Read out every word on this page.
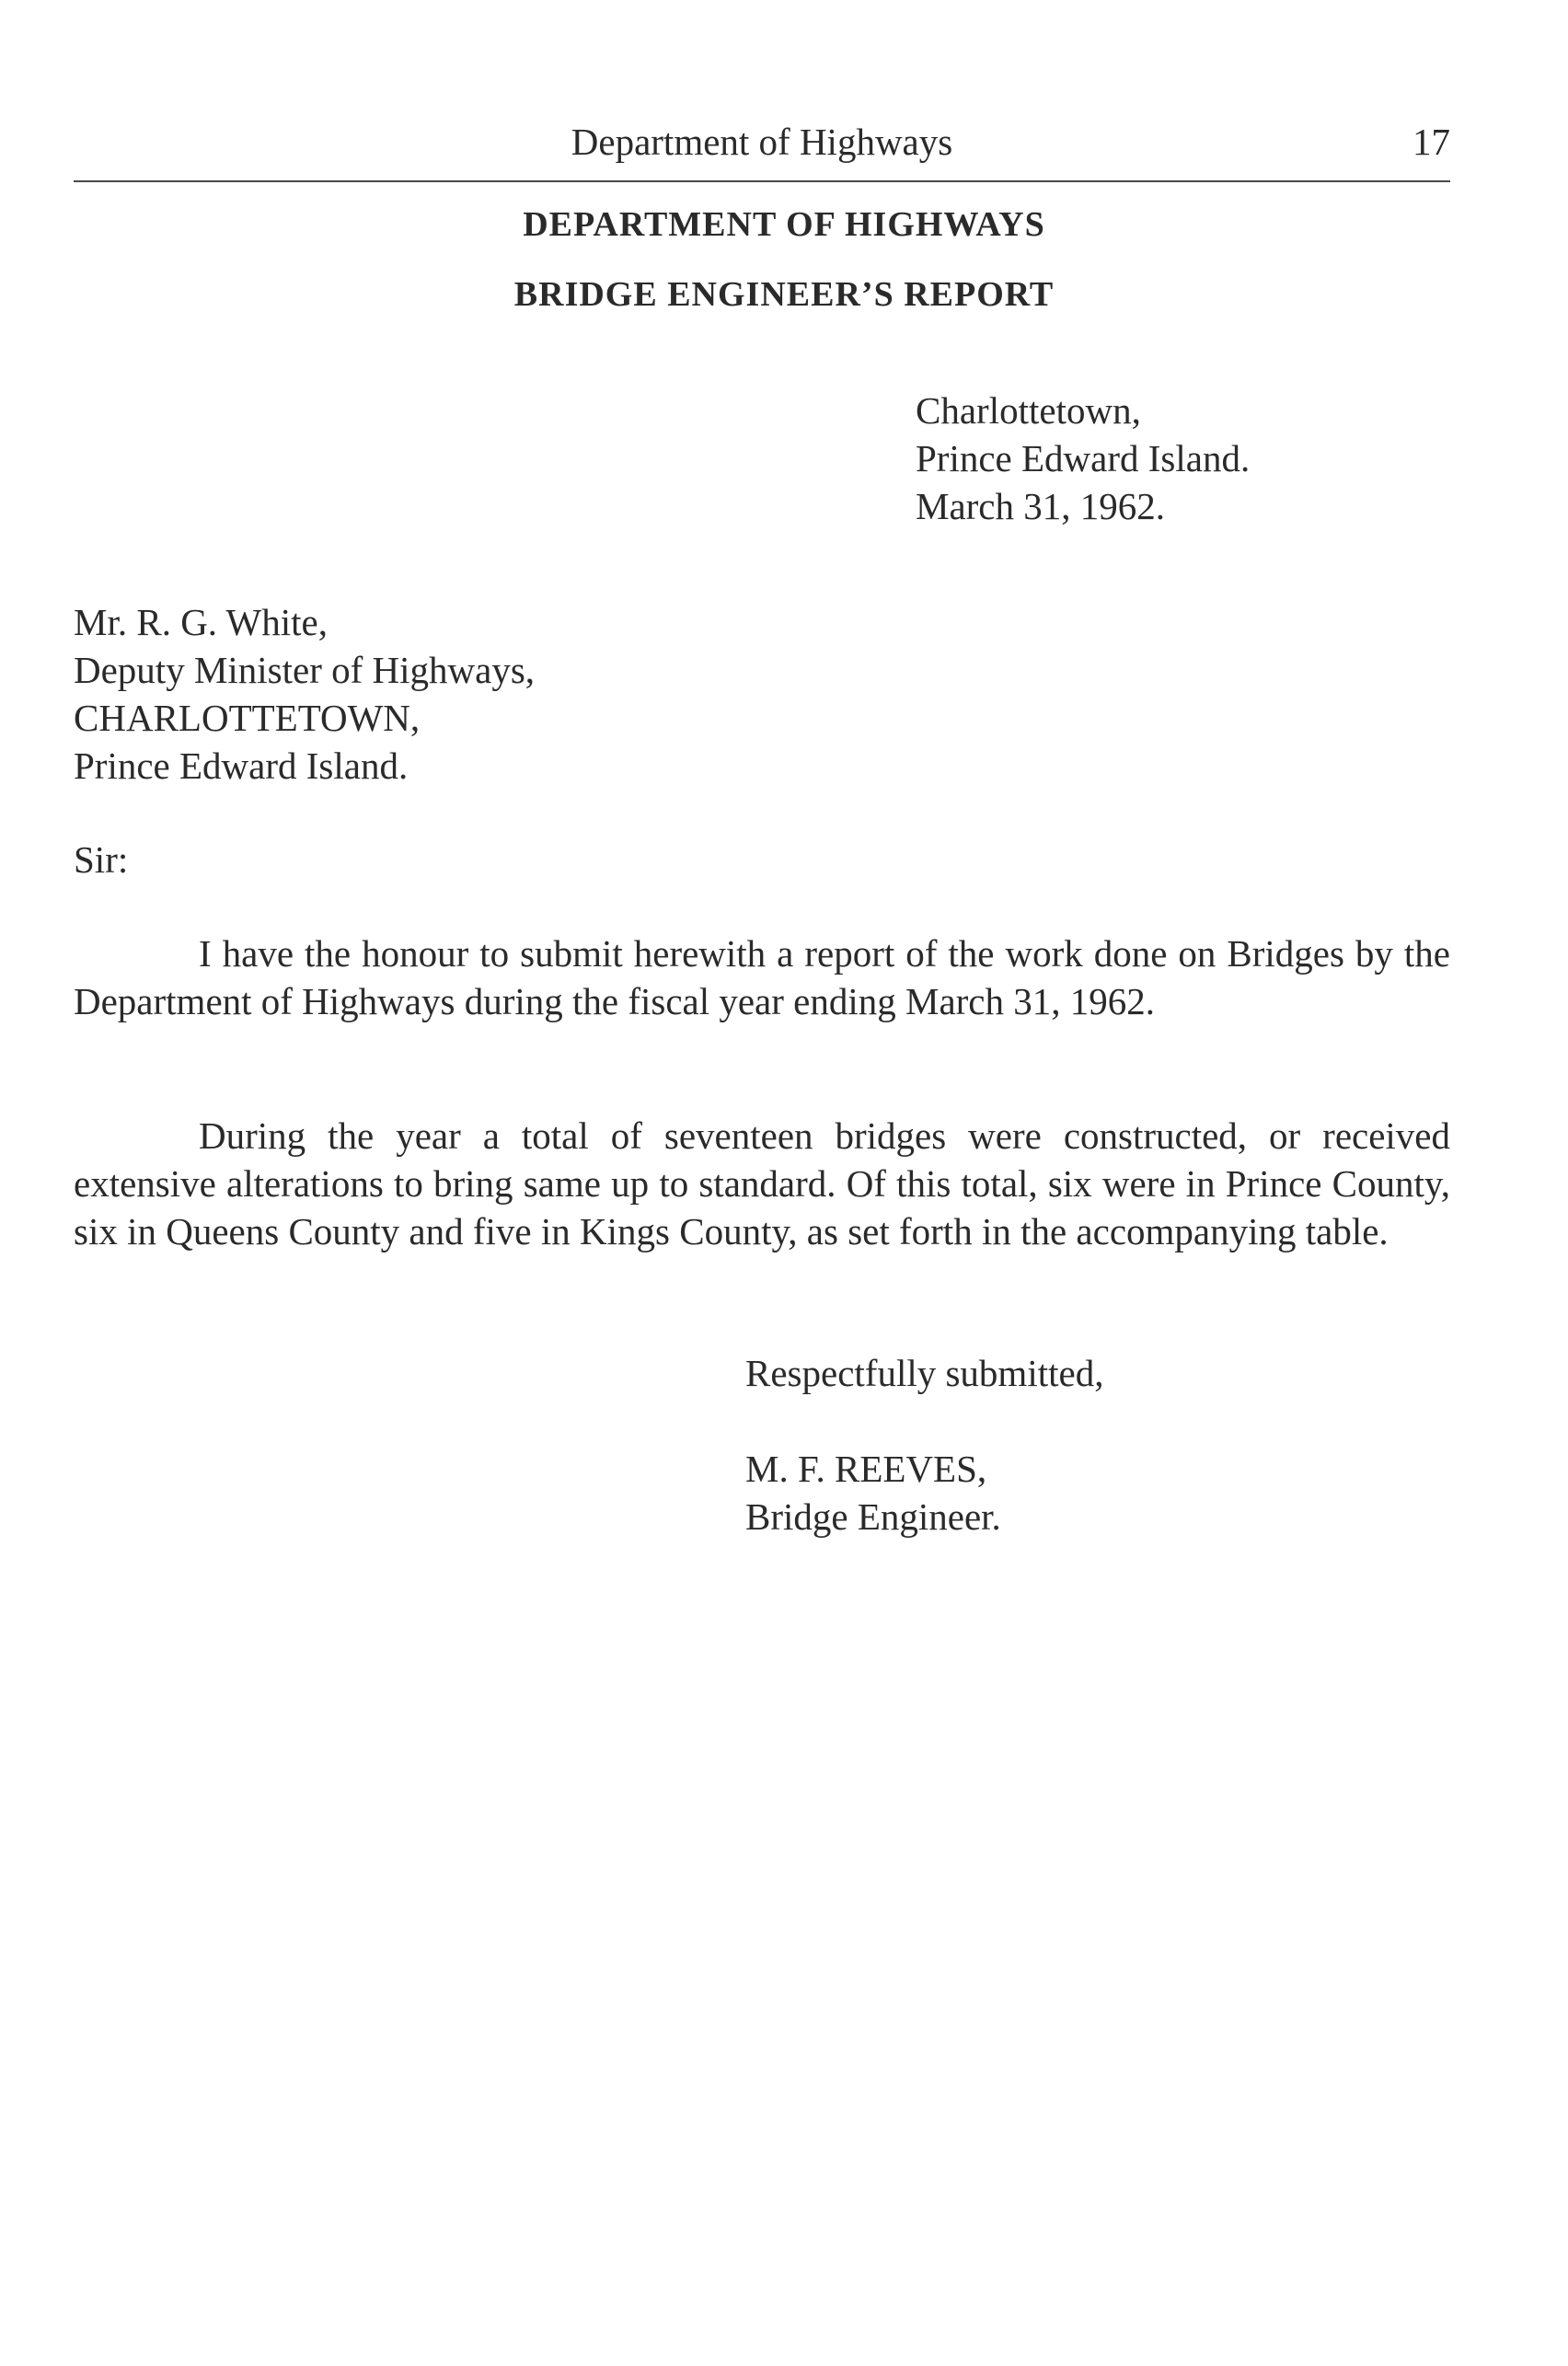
Department of Highways	17
DEPARTMENT OF HIGHWAYS
BRIDGE ENGINEER’S REPORT
Charlottetown,
Prince Edward Island.
March 31, 1962.
Mr. R. G. White,
Deputy Minister of Highways,
CHARLOTTETOWN,
Prince Edward Island.
Sir:

I have the honour to submit herewith a report of the work done on Bridges by the Department of Highways during the fiscal year ending March 31, 1962.

During the year a total of seventeen bridges were constructed, or received extensive alterations to bring same up to standard. Of this total, six were in Prince County, six in Queens County and five in Kings County, as set forth in the accompanying table.

Respectfully submitted,
M. F. REEVES,
Bridge Engineer.
